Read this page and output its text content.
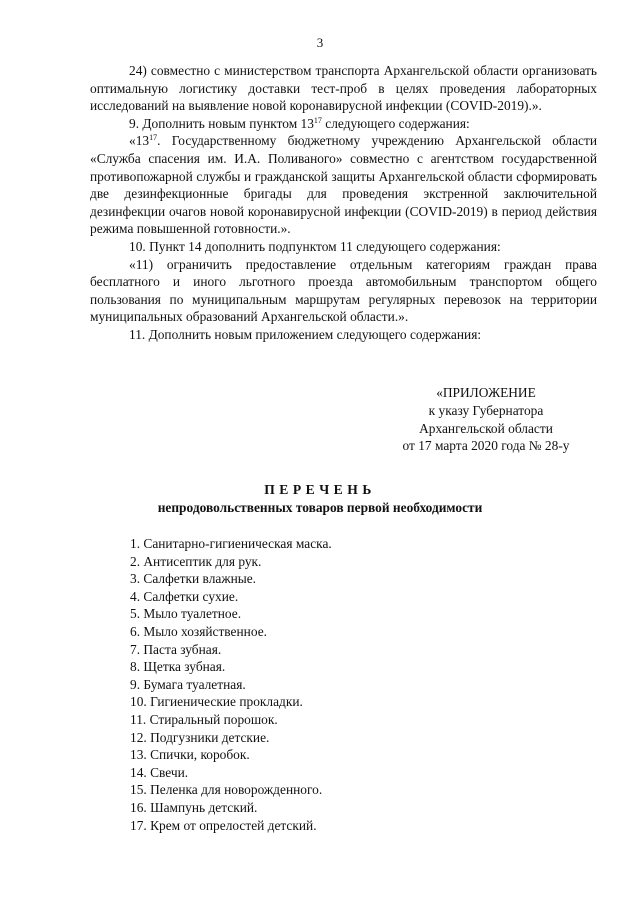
3

24) совместно с министерством транспорта Архангельской области организовать оптимальную логистику доставки тест-проб в целях проведения лабораторных исследований на выявление новой коронавирусной инфекции (COVID-2019).».

9. Дополнить новым пунктом $13^{17}$ следующего содержания:

«$13^{17}$. Государственному бюджетному учреждению Архангельской области «Служба спасения им. И.А. Поливаного» совместно с агентством государственной противопожарной службы и гражданской защиты Архангельской области сформировать две дезинфекционные бригады для проведения экстренной заключительной дезинфекции очагов новой коронавирусной инфекции (COVID-2019) в период действия режима повышенной готовности.».

10. Пункт 14 дополнить подпунктом 11 следующего содержания:

«11) ограничить предоставление отдельным категориям граждан права бесплатного и иного льготного проезда автомобильным транспортом общего пользования по муниципальным маршрутам регулярных перевозок на территории муниципальных образований Архангельской области.».

11. Дополнить новым приложением следующего содержания:

«ПРИЛОЖЕНИЕ
к указу Губернатора
Архангельской области
от 17 марта 2020 года № 28-у
ПЕРЕЧЕНЬ
непродовольственных товаров первой необходимости
1. Санитарно-гигиеническая маска.
2. Антисептик для рук.
3. Салфетки влажные.
4. Салфетки сухие.
5. Мыло туалетное.
6. Мыло хозяйственное.
7. Паста зубная.
8. Щетка зубная.
9. Бумага туалетная.
10. Гигиенические прокладки.
11. Стиральный порошок.
12. Подгузники детские.
13. Спички, коробок.
14. Свечи.
15. Пеленка для новорожденного.
16. Шампунь детский.
17. Крем от опрелостей детский.
